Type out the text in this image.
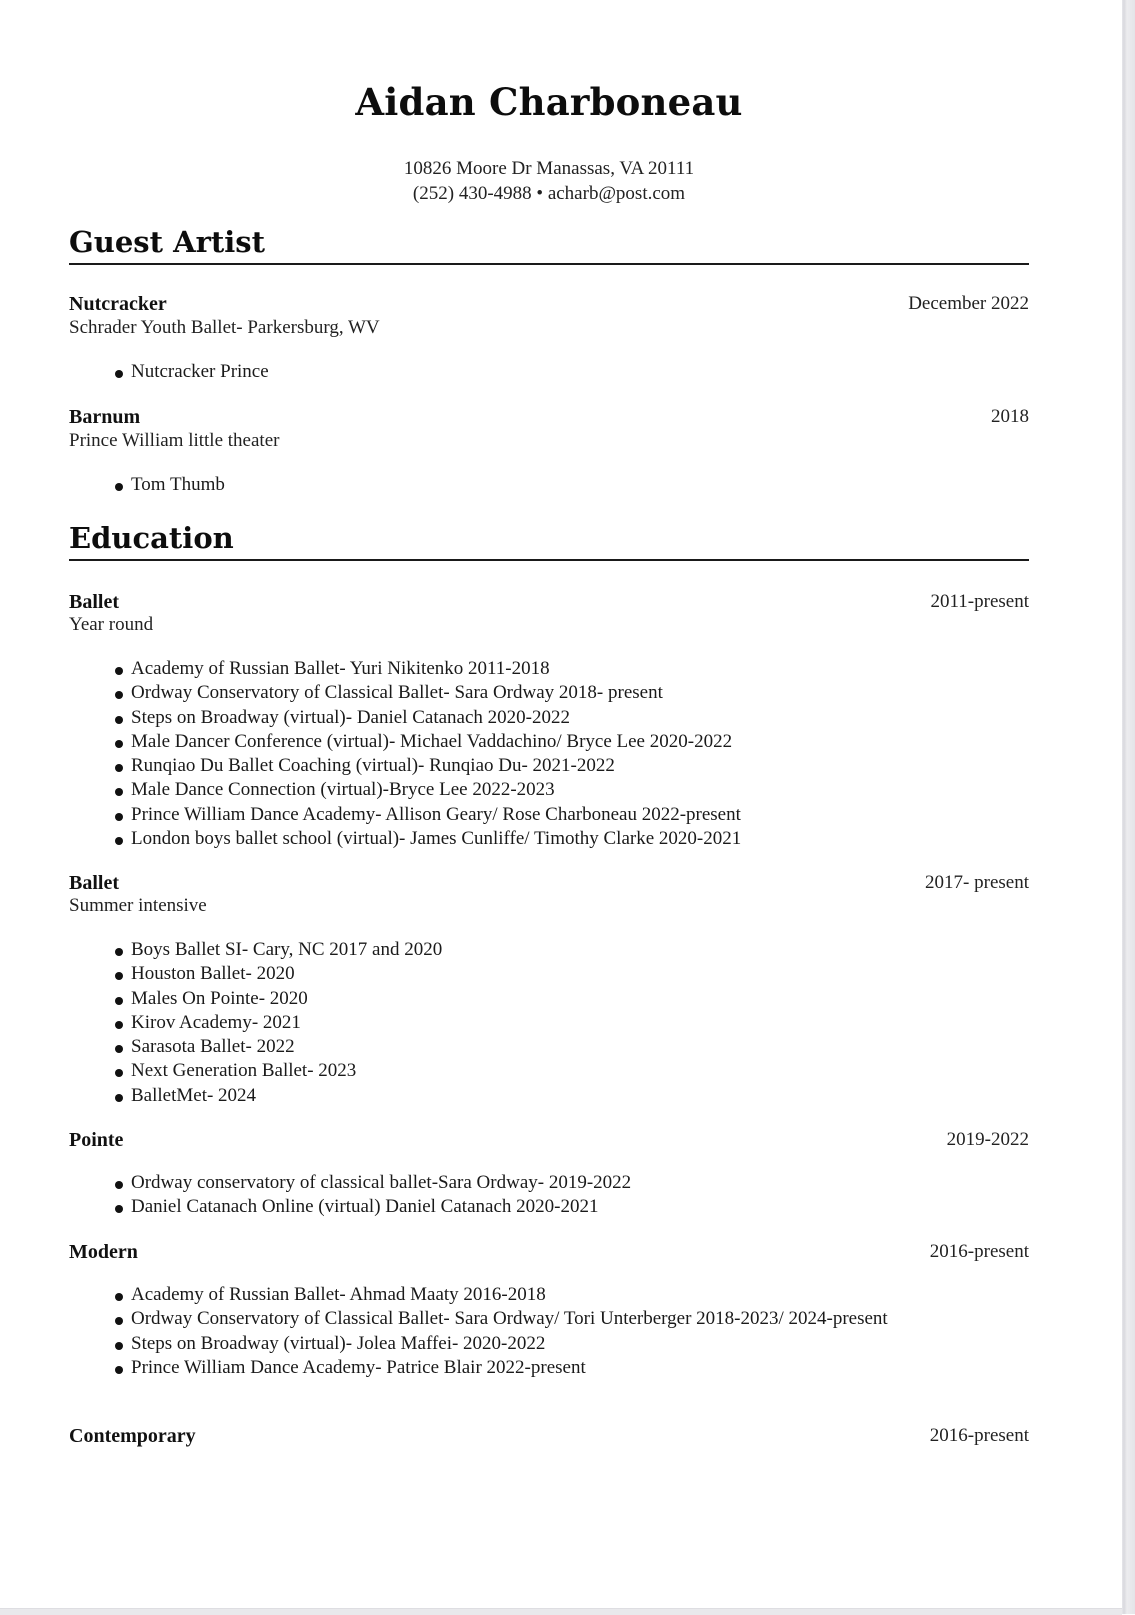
Aidan Charboneau
10826 Moore Dr Manassas, VA 20111
(252) 430-4988 • acharb@post.com
Guest Artist
Nutcracker	December 2022
Schrader Youth Ballet- Parkersburg, WV
Nutcracker Prince
Barnum	2018
Prince William little theater
Tom Thumb
Education
Ballet	2011-present
Year round
Academy of Russian Ballet- Yuri Nikitenko 2011-2018
Ordway Conservatory of Classical Ballet- Sara Ordway 2018- present
Steps on Broadway (virtual)- Daniel Catanach 2020-2022
Male Dancer Conference (virtual)- Michael Vaddachino/ Bryce Lee 2020-2022
Runqiao Du Ballet Coaching (virtual)- Runqiao Du- 2021-2022
Male Dance Connection (virtual)-Bryce Lee 2022-2023
Prince William Dance Academy- Allison Geary/ Rose Charboneau 2022-present
London boys ballet school (virtual)- James Cunliffe/ Timothy Clarke 2020-2021
Ballet	2017- present
Summer intensive
Boys Ballet SI- Cary, NC 2017 and 2020
Houston Ballet- 2020
Males On Pointe- 2020
Kirov Academy- 2021
Sarasota Ballet- 2022
Next Generation Ballet- 2023
BalletMet- 2024
Pointe	2019-2022
Ordway conservatory of classical ballet-Sara Ordway- 2019-2022
Daniel Catanach Online (virtual) Daniel Catanach 2020-2021
Modern	2016-present
Academy of Russian Ballet- Ahmad Maaty 2016-2018
Ordway Conservatory of Classical Ballet- Sara Ordway/ Tori Unterberger 2018-2023/ 2024-present
Steps on Broadway (virtual)- Jolea Maffei- 2020-2022
Prince William Dance Academy- Patrice Blair 2022-present
Contemporary	2016-present
